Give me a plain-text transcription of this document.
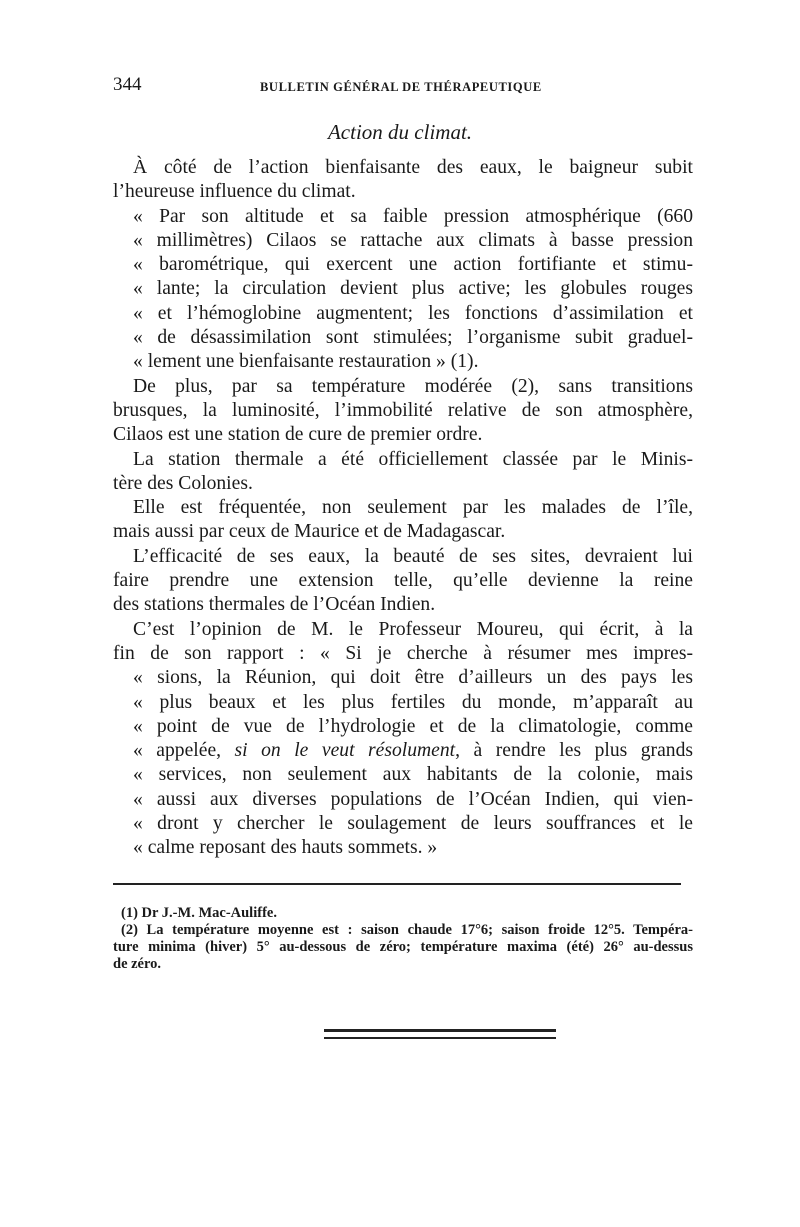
344	BULLETIN GÉNÉRAL DE THÉRAPEUTIQUE
Action du climat.
À côté de l’action bienfaisante des eaux, le baigneur subit
l’heureuse influence du climat.
« Par son altitude et sa faible pression atmosphérique (660
« millimètres) Cilaos se rattache aux climats à basse pression
« barométrique, qui exercent une action fortifiante et stimu-
« lante; la circulation devient plus active; les globules rouges
« et l’hémoglobine augmentent; les fonctions d’assimilation et
« de désassimilation sont stimulées; l’organisme subit graduel-
« lement une bienfaisante restauration » (1).
De plus, par sa température modérée (2), sans transitions
brusques, la luminosité, l’immobilité relative de son atmosphère,
Cilaos est une station de cure de premier ordre.
La station thermale a été officiellement classée par le Minis-
tère des Colonies.
Elle est fréquentée, non seulement par les malades de l’île,
mais aussi par ceux de Maurice et de Madagascar.
L’efficacité de ses eaux, la beauté de ses sites, devraient lui
faire prendre une extension telle, qu’elle devienne la reine
des stations thermales de l’Océan Indien.
C’est l’opinion de M. le Professeur Moureu, qui écrit, à la
fin de son rapport : « Si je cherche à résumer mes impres-
« sions, la Réunion, qui doit être d’ailleurs un des pays les
« plus beaux et les plus fertiles du monde, m’apparaît au
« point de vue de l’hydrologie et de la climatologie, comme
« appelée, si on le veut résolument, à rendre les plus grands
« services, non seulement aux habitants de la colonie, mais
« aussi aux diverses populations de l’Océan Indien, qui vien-
« dront y chercher le soulagement de leurs souffrances et le
« calme reposant des hauts sommets. »
(1) Dr J.-M. Mac-Auliffe.
(2) La température moyenne est : saison chaude 17°6; saison froide 12°5. Tempéra-
ture minima (hiver) 5° au-dessous de zéro; température maxima (été) 26° au-dessus
de zéro.
